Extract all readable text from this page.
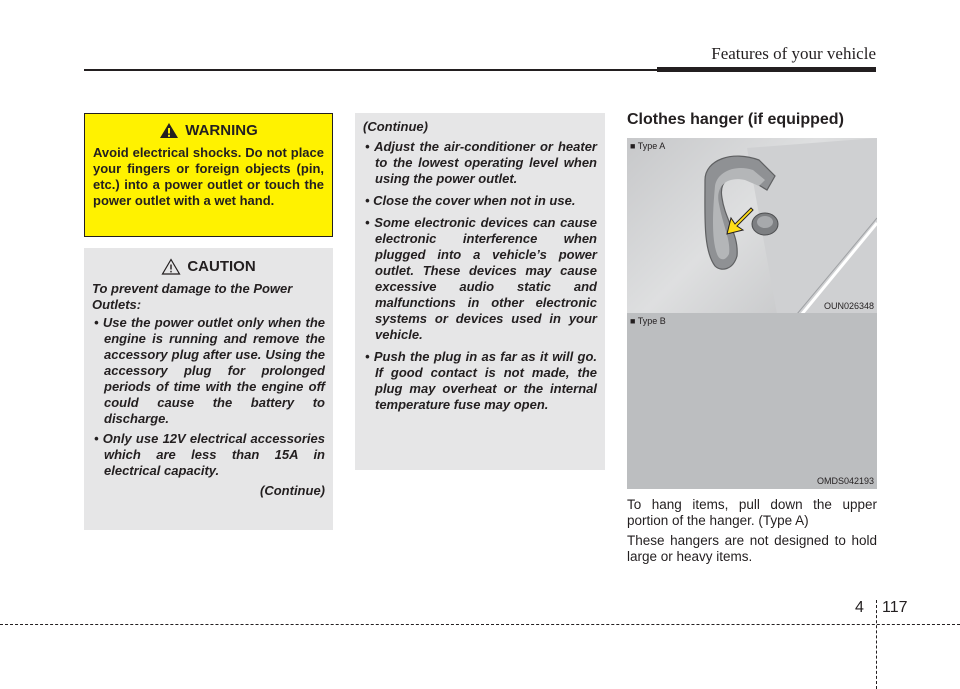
Features of your vehicle
WARNING
Avoid electrical shocks. Do not place your fingers or foreign objects (pin, etc.) into a power outlet or touch the power outlet with a wet hand.
CAUTION
To prevent damage to the Power Outlets:
• Use the power outlet only when the engine is running and remove the accessory plug after use. Using the accessory plug for prolonged periods of time with the engine off could cause the battery to discharge.
• Only use 12V electrical accessories which are less than 15A in electrical capacity.
(Continue)
(Continue)
• Adjust the air-conditioner or heater to the lowest operating level when using the power outlet.
• Close the cover when not in use.
• Some electronic devices can cause electronic interference when plugged into a vehicle’s power outlet. These devices may cause excessive audio static and malfunctions in other electronic systems or devices used in your vehicle.
• Push the plug in as far as it will go. If good contact is not made, the plug may overheat or the internal temperature fuse may open.
Clothes hanger (if equipped)
■ Type A
OUN026348
■ Type B
OMDS042193
To hang items, pull down the upper portion of the hanger. (Type A)
These hangers are not designed to hold large or heavy items.
4 117
